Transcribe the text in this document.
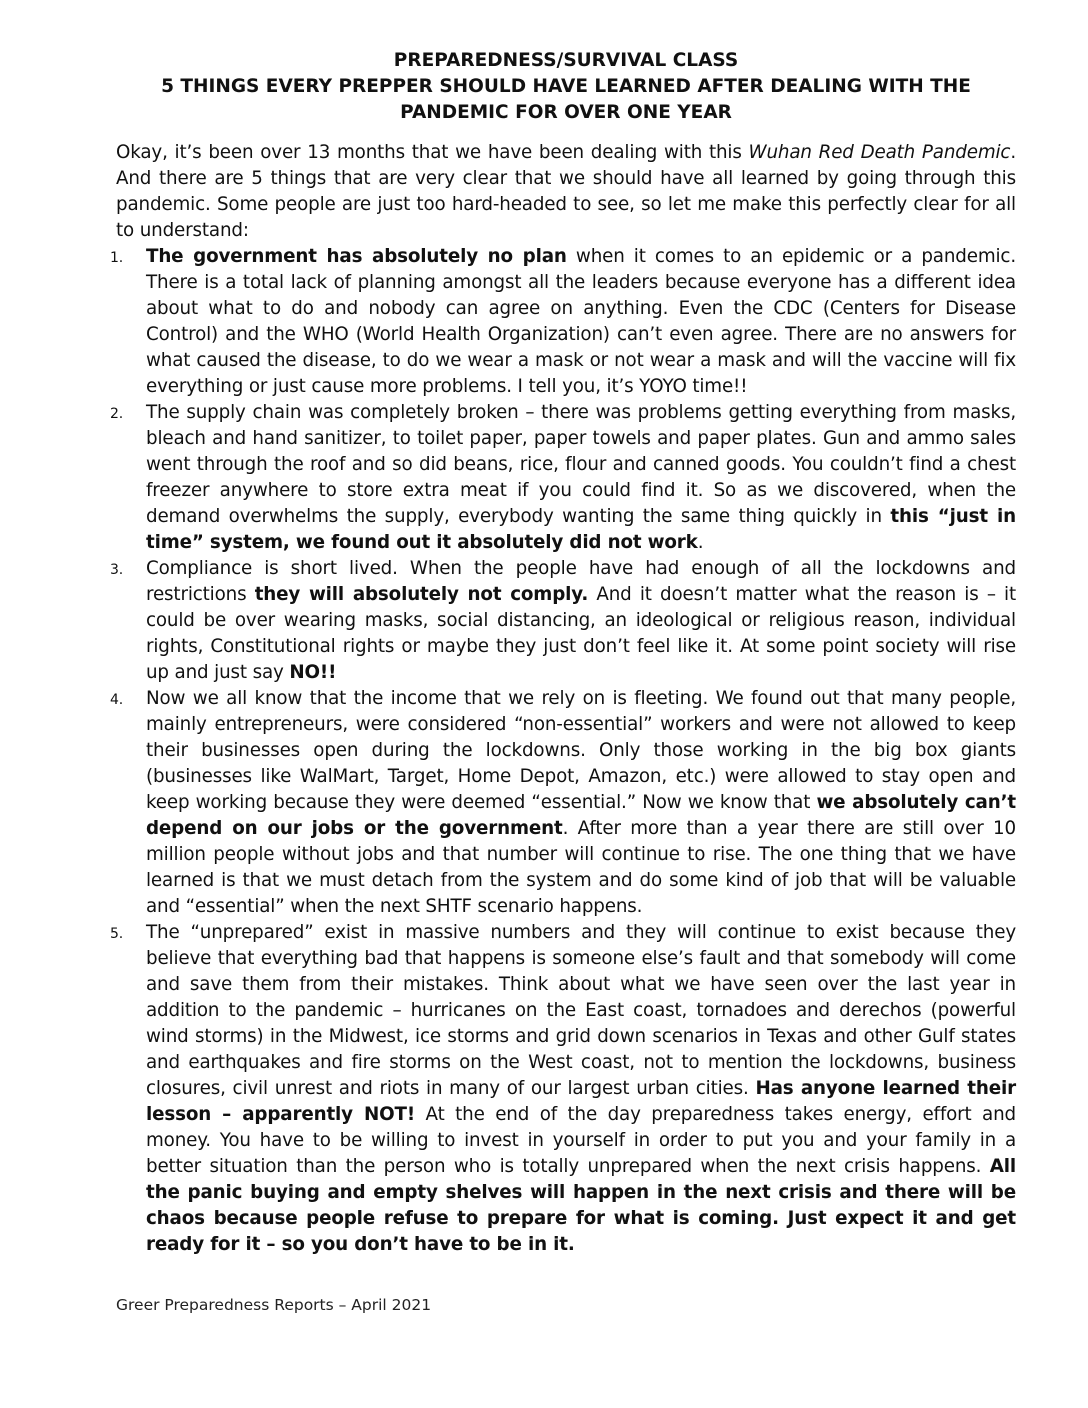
PREPAREDNESS/SURVIVAL CLASS
5 THINGS EVERY PREPPER SHOULD HAVE LEARNED AFTER DEALING WITH THE
PANDEMIC FOR OVER ONE YEAR
Okay, it’s been over 13 months that we have been dealing with this Wuhan Red Death Pandemic. And there are 5 things that are very clear that we should have all learned by going through this pandemic. Some people are just too hard-headed to see, so let me make this perfectly clear for all to understand:
1. The government has absolutely no plan when it comes to an epidemic or a pandemic. There is a total lack of planning amongst all the leaders because everyone has a different idea about what to do and nobody can agree on anything. Even the CDC (Centers for Disease Control) and the WHO (World Health Organization) can’t even agree. There are no answers for what caused the disease, to do we wear a mask or not wear a mask and will the vaccine will fix everything or just cause more problems. I tell you, it’s YOYO time!!
2. The supply chain was completely broken – there was problems getting everything from masks, bleach and hand sanitizer, to toilet paper, paper towels and paper plates. Gun and ammo sales went through the roof and so did beans, rice, flour and canned goods. You couldn’t find a chest freezer anywhere to store extra meat if you could find it. So as we discovered, when the demand overwhelms the supply, everybody wanting the same thing quickly in this “just in time” system, we found out it absolutely did not work.
3. Compliance is short lived. When the people have had enough of all the lockdowns and restrictions they will absolutely not comply. And it doesn’t matter what the reason is – it could be over wearing masks, social distancing, an ideological or religious reason, individual rights, Constitutional rights or maybe they just don’t feel like it. At some point society will rise up and just say NO!!
4. Now we all know that the income that we rely on is fleeting. We found out that many people, mainly entrepreneurs, were considered “non-essential” workers and were not allowed to keep their businesses open during the lockdowns. Only those working in the big box giants (businesses like WalMart, Target, Home Depot, Amazon, etc.) were allowed to stay open and keep working because they were deemed “essential.” Now we know that we absolutely can’t depend on our jobs or the government. After more than a year there are still over 10 million people without jobs and that number will continue to rise. The one thing that we have learned is that we must detach from the system and do some kind of job that will be valuable and “essential” when the next SHTF scenario happens.
5. The “unprepared” exist in massive numbers and they will continue to exist because they believe that everything bad that happens is someone else’s fault and that somebody will come and save them from their mistakes. Think about what we have seen over the last year in addition to the pandemic – hurricanes on the East coast, tornadoes and derechos (powerful wind storms) in the Midwest, ice storms and grid down scenarios in Texas and other Gulf states and earthquakes and fire storms on the West coast, not to mention the lockdowns, business closures, civil unrest and riots in many of our largest urban cities. Has anyone learned their lesson – apparently NOT! At the end of the day preparedness takes energy, effort and money. You have to be willing to invest in yourself in order to put you and your family in a better situation than the person who is totally unprepared when the next crisis happens. All the panic buying and empty shelves will happen in the next crisis and there will be chaos because people refuse to prepare for what is coming. Just expect it and get ready for it – so you don’t have to be in it.
Greer Preparedness Reports – April 2021
